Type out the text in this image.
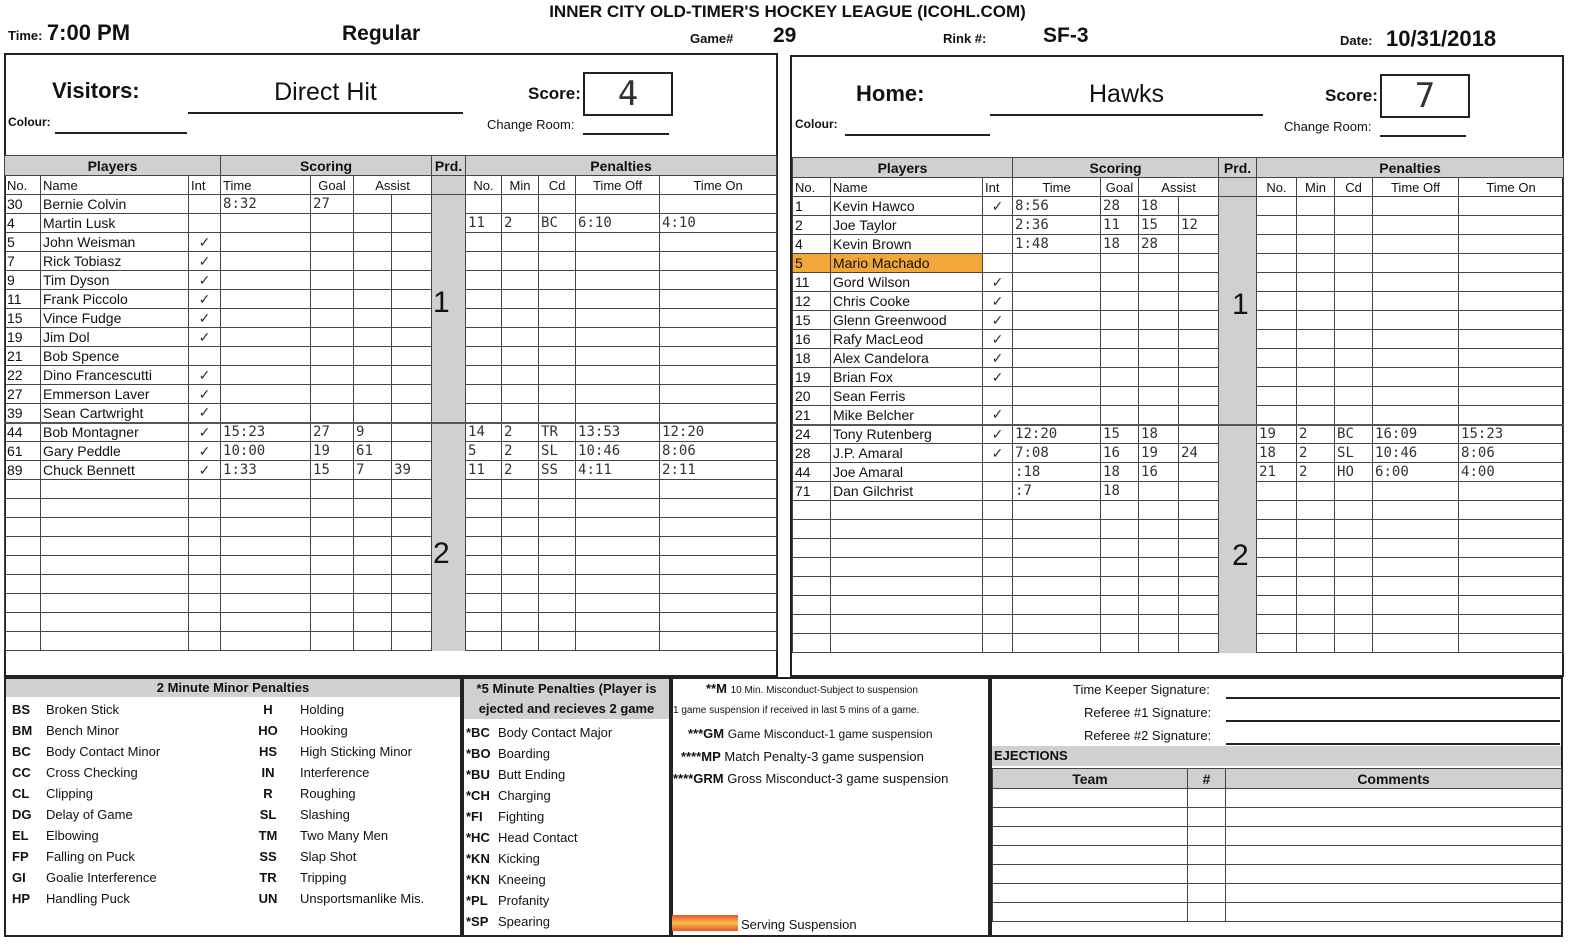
INNER CITY OLD-TIMER'S HOCKEY LEAGUE (ICOHL.COM)
Time: 7:00 PM	Regular	Game# 29	Rink #:	SF-3	Date: 10/31/2018
Visitors:	Direct Hit	Score:	4
Colour:	Change Room:
Players			Scoring				Prd.	Penalties				
No.	Name	Int	Time	Goal	Assist			No.	Min	Cd	Time Off	Time On
30	Bernie Colvin		8:32	27								
4	Martin Lusk							11	2	BC	6:10	4:10
5	John Weisman	✓										
7	Rick Tobiasz	✓										
9	Tim Dyson	✓										
11	Frank Piccolo	✓										
15	Vince Fudge	✓										
19	Jim Dol	✓										
21	Bob Spence											
22	Dino Francescutti	✓										
27	Emmerson Laver	✓										
39	Sean Cartwright	✓										
44	Bob Montagner	✓	15:23	27	9			14	2	TR	13:53	12:20
61	Gary Peddle	✓	10:00	19	61			5	2	SL	10:46	8:06
89	Chuck Bennett	✓	1:33	15	7	39		11	2	SS	4:11	2:11

1
2
Home:	Hawks	Score:	7
Colour:	Change Room:
Players			Scoring				Prd.	Penalties				
No.	Name	Int	Time	Goal	Assist			No.	Min	Cd	Time Off	Time On
1	Kevin Hawco	✓	8:56	28	18							
2	Joe Taylor		2:36	11	15	12						
4	Kevin Brown		1:48	18	28							
5	Mario Machado											
11	Gord Wilson	✓										
12	Chris Cooke	✓										
15	Glenn Greenwood	✓										
16	Rafy MacLeod	✓										
18	Alex Candelora	✓										
19	Brian Fox	✓										
20	Sean Ferris											
21	Mike Belcher	✓										
24	Tony Rutenberg	✓	12:20	15	18			19	2	BC	16:09	15:23
28	J.P. Amaral	✓	7:08	16	19	24		18	2	SL	10:46	8:06
44	Joe Amaral		:18	18	16			21	2	HO	6:00	4:00
71	Dan Gilchrist		:7	18								

1
2
2 Minute Minor Penalties
BS	Broken Stick	H	Holding
BM	Bench Minor	HO	Hooking
BC	Body Contact Minor	HS	High Sticking Minor
CC	Cross Checking	IN	Interference
CL	Clipping	R	Roughing
DG	Delay of Game	SL	Slashing
EL	Elbowing	TM	Two Many Men
FP	Falling on Puck	SS	Slap Shot
GI	Goalie Interference	TR	Tripping
HP	Handling Puck	UN	Unsportsmanlike Mis.
*5 Minute Penalties (Player is ejected and recieves 2 game
*BC	Body Contact Major
*BO	Boarding
*BU	Butt Ending
*CH	Charging
*FI	Fighting
*HC	Head Contact
*KN	Kicking
*KN	Kneeing
*PL	Profanity
*SP	Spearing
**M 10 Min. Misconduct-Subject to suspension
1 game suspension if received in last 5 mins of a game.
***GM Game Misconduct-1 game suspension
****MP Match Penalty-3 game suspension
****GRM Gross Misconduct-3 game suspension
Serving Suspension
Time Keeper Signature:
Referee #1 Signature:
Referee #2 Signature:
EJECTIONS
Team	#	Comments
